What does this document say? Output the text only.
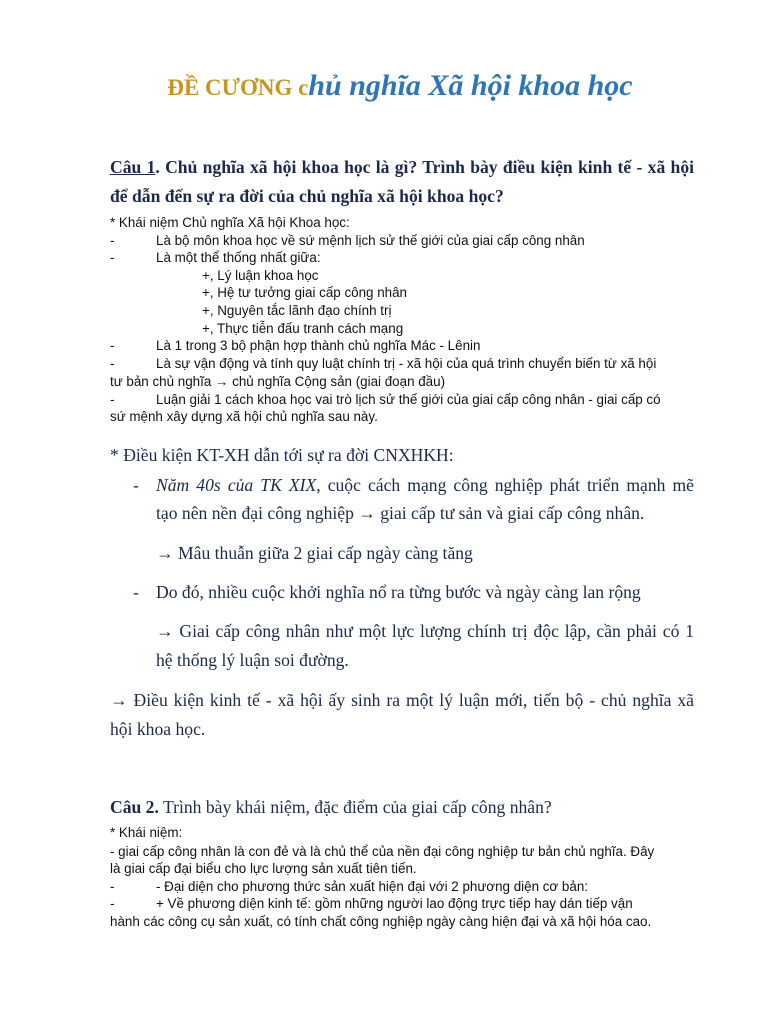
ĐỀ CƯƠNG chủ nghĩa Xã hội khoa học
Câu 1. Chủ nghĩa xã hội khoa học là gì? Trình bày điều kiện kinh tế - xã hội
để dẫn đến sự ra đời của chủ nghĩa xã hội khoa học?
* Khái niệm Chủ nghĩa Xã hội Khoa học:
-	Là bộ môn khoa học về sứ mệnh lịch sử thế giới của giai cấp công nhân
-	Là một thể thống nhất giữa:
+, Lý luận khoa học
+, Hệ tư tưởng giai cấp công nhân
+, Nguyên tắc lãnh đạo chính trị
+, Thực tiễn đấu tranh cách mạng
-	Là 1 trong 3 bộ phận hợp thành chủ nghĩa Mác - Lênin
-	Là sự vận động và tính quy luật chính trị - xã hội của quá trình chuyển biến từ xã hội
tư bản chủ nghĩa → chủ nghĩa Cộng sản (giai đoạn đầu)
-	Luận giải 1 cách khoa học vai trò lịch sử thế giới của giai cấp công nhân - giai cấp có
sứ mệnh xây dựng xã hội chủ nghĩa sau này.
* Điều kiện KT-XH dẫn tới sự ra đời CNXHKH:
- Năm 40s của TK XIX, cuộc cách mạng công nghiệp phát triển mạnh mẽ
tạo nên nền đại công nghiệp → giai cấp tư sản và giai cấp công nhân.
→ Mâu thuẫn giữa 2 giai cấp ngày càng tăng
- Do đó, nhiều cuộc khởi nghĩa nổ ra từng bước và ngày càng lan rộng
→ Giai cấp công nhân như một lực lượng chính trị độc lập, cần phải có 1
hệ thống lý luận soi đường.
→ Điều kiện kinh tế - xã hội ấy sinh ra một lý luận mới, tiến bộ - chủ nghĩa xã
hội khoa học.
Câu 2. Trình bày khái niệm, đặc điểm của giai cấp công nhân?
* Khái niệm:
- giai cấp công nhân là con đẻ và là chủ thể của nền đại công nghiệp tư bản chủ nghĩa. Đây
là giai cấp đại biểu cho lực lượng sản xuất tiên tiến.
-	- Đại diện cho phương thức sản xuất hiện đại với 2 phương diện cơ bản:
-	+ Về phương diện kinh tế: gồm những người lao động trực tiếp hay dán tiếp vận
hành các công cụ sản xuất, có tính chất công nghiệp ngày càng hiện đại và xã hội hóa cao.
